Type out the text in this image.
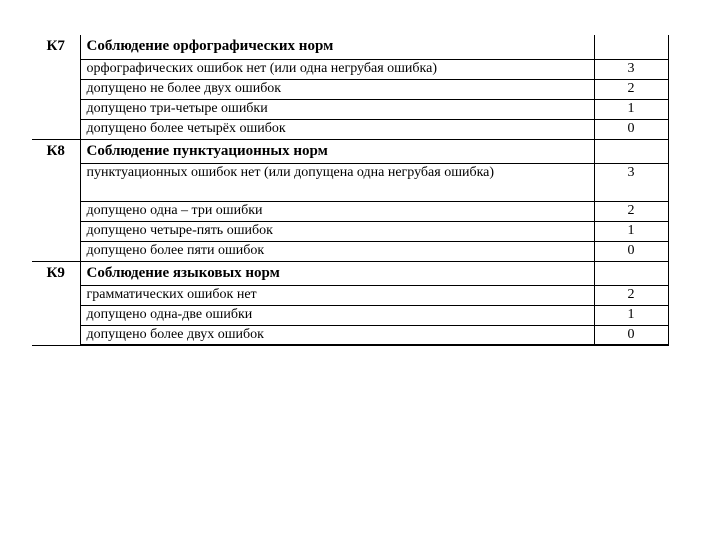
К7	Соблюдение орфографических норм	
	орфографических ошибок нет (или одна негрубая ошибка)	3
	допущено не более двух ошибок	2
	допущено три-четыре ошибки	1
	допущено более четырёх ошибок	0
К8	Соблюдение пунктуационных норм	
	пунктуационных ошибок нет (или допущена одна негрубая ошибка)	3
	допущено одна – три ошибки	2
	допущено четыре-пять ошибок	1
	допущено более пяти ошибок	0
К9	Соблюдение языковых норм	
	грамматических ошибок нет	2
	допущено одна-две ошибки	1
	допущено более двух ошибок	0
